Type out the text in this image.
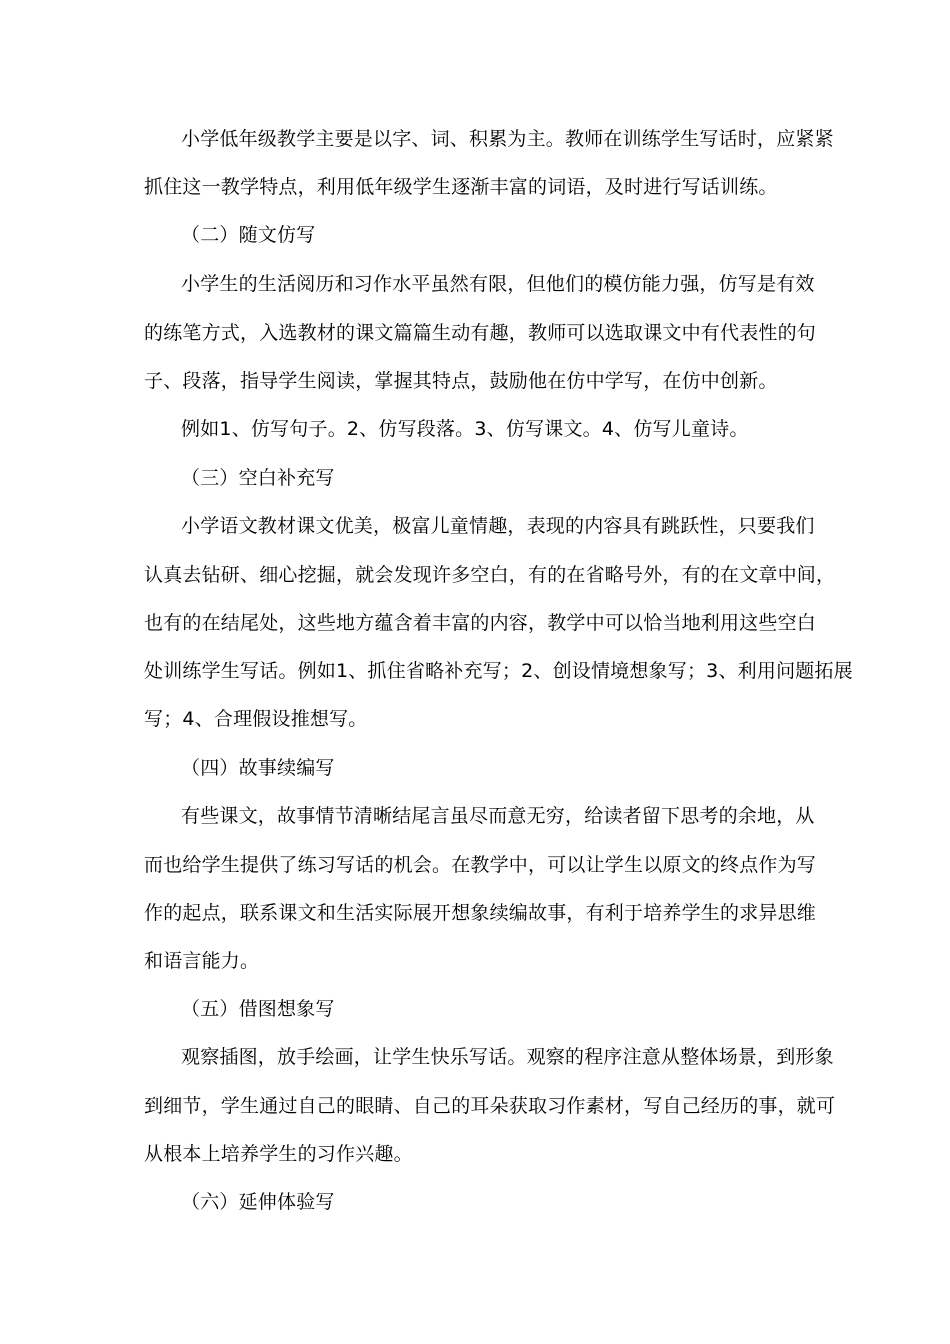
小学低年级教学主要是以字、词、积累为主。教师在训练学生写话时，应紧紧
抓住这一教学特点，利用低年级学生逐渐丰富的词语，及时进行写话训练。
（二）随文仿写
小学生的生活阅历和习作水平虽然有限，但他们的模仿能力强，仿写是有效
的练笔方式，入选教材的课文篇篇生动有趣，教师可以选取课文中有代表性的句
子、段落，指导学生阅读，掌握其特点，鼓励他在仿中学写，在仿中创新。
例如1、仿写句子。2、仿写段落。3、仿写课文。4、仿写儿童诗。
（三）空白补充写
小学语文教材课文优美，极富儿童情趣，表现的内容具有跳跃性，只要我们
认真去钻研、细心挖掘，就会发现许多空白，有的在省略号外，有的在文章中间，
也有的在结尾处，这些地方蕴含着丰富的内容，教学中可以恰当地利用这些空白
处训练学生写话。例如1、抓住省略补充写；2、创设情境想象写；3、利用问题拓展
写；4、合理假设推想写。
（四）故事续编写
有些课文，故事情节清晰结尾言虽尽而意无穷，给读者留下思考的余地，从
而也给学生提供了练习写话的机会。在教学中，可以让学生以原文的终点作为写
作的起点，联系课文和生活实际展开想象续编故事，有利于培养学生的求异思维
和语言能力。
（五）借图想象写
观察插图，放手绘画，让学生快乐写话。观察的程序注意从整体场景，到形象
到细节，学生通过自己的眼睛、自己的耳朵获取习作素材，写自己经历的事，就可
从根本上培养学生的习作兴趣。
（六）延伸体验写
